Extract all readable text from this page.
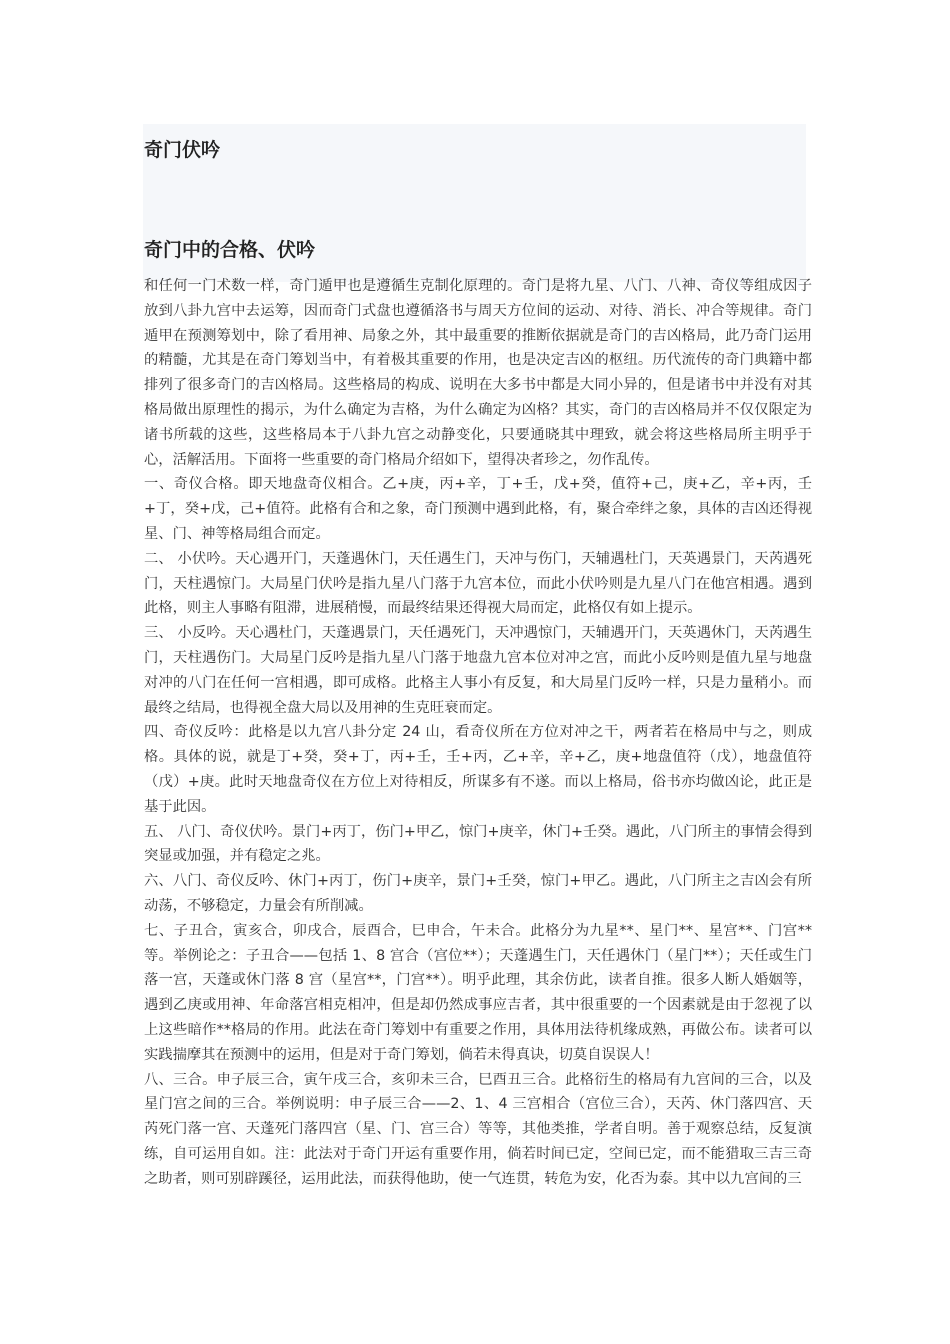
奇门伏吟
奇门中的合格、伏吟

和任何一门术数一样，奇门遁甲也是遵循生克制化原理的。奇门是将九星、八门、八神、奇仪等组成因子放到八卦九宫中去运筹，因而奇门式盘也遵循洛书与周天方位间的运动、对待、消长、冲合等规律。奇门遁甲在预测筹划中，除了看用神、局象之外，其中最重要的推断依据就是奇门的吉凶格局，此乃奇门运用的精髓，尤其是在奇门筹划当中，有着极其重要的作用，也是决定吉凶的枢纽。历代流传的奇门典籍中都排列了很多奇门的吉凶格局。这些格局的构成、说明在大多书中都是大同小异的，但是诸书中并没有对其格局做出原理性的揭示，为什么确定为吉格，为什么确定为凶格？其实，奇门的吉凶格局并不仅仅限定为诸书所载的这些，这些格局本于八卦九宫之动静变化，只要通晓其中理致，就会将这些格局所主明乎于心，活解活用。下面将一些重要的奇门格局介绍如下，望得决者珍之，勿作乱传。

一、奇仪合格。即天地盘奇仪相合。乙+庚，丙+辛，丁+壬，戊+癸，值符+己，庚+乙，辛+丙，壬+丁，癸+戊，己+值符。此格有合和之象，奇门预测中遇到此格，有，聚合牵绊之象，具体的吉凶还得视星、门、神等格局组合而定。

二、 小伏吟。天心遇开门，天蓬遇休门，天任遇生门，天冲与伤门，天辅遇杜门，天英遇景门，天芮遇死门，天柱遇惊门。大局星门伏吟是指九星八门落于九宫本位，而此小伏吟则是九星八门在他宫相遇。遇到此格，则主人事略有阻滞，进展稍慢，而最终结果还得视大局而定，此格仅有如上提示。

三、 小反吟。天心遇杜门，天蓬遇景门，天任遇死门，天冲遇惊门，天辅遇开门，天英遇休门，天芮遇生门，天柱遇伤门。大局星门反吟是指九星八门落于地盘九宫本位对冲之宫，而此小反吟则是值九星与地盘对冲的八门在任何一宫相遇，即可成格。此格主人事小有反复，和大局星门反吟一样，只是力量稍小。而最终之结局，也得视全盘大局以及用神的生克旺衰而定。

四、奇仪反吟：此格是以九宫八卦分定 24 山，看奇仪所在方位对冲之干，两者若在格局中与之，则成格。具体的说，就是丁+癸，癸+丁，丙+壬，壬+丙，乙+辛，辛+乙，庚+地盘值符（戊），地盘值符（戊）+庚。此时天地盘奇仪在方位上对待相反，所谋多有不遂。而以上格局，俗书亦均做凶论，此正是基于此因。

五、 八门、奇仪伏吟。景门+丙丁，伤门+甲乙，惊门+庚辛，休门+壬癸。遇此，八门所主的事情会得到突显或加强，并有稳定之兆。

六、八门、奇仪反吟、休门+丙丁，伤门+庚辛，景门+壬癸，惊门+甲乙。遇此，八门所主之吉凶会有所动荡，不够稳定，力量会有所削减。

七、子丑合，寅亥合，卯戌合，辰酉合，巳申合，午未合。此格分为九星**、星门**、星宫**、门宫**等。举例论之：子丑合——包括 1、8 宫合（宫位**）；天蓬遇生门，天任遇休门（星门**）；天任或生门落一宫，天蓬或休门落 8 宫（星宫**，门宫**）。明乎此理，其余仿此，读者自推。很多人断人婚姻等，遇到乙庚或用神、年命落宫相克相冲，但是却仍然成事应吉者，其中很重要的一个因素就是由于忽视了以上这些暗作**格局的作用。此法在奇门筹划中有重要之作用，具体用法待机缘成熟，再做公布。读者可以实践揣摩其在预测中的运用，但是对于奇门筹划，倘若未得真诀，切莫自误误人！

八、三合。申子辰三合，寅午戌三合，亥卯未三合，巳酉丑三合。此格衍生的格局有九宫间的三合，以及星门宫之间的三合。举例说明：申子辰三合——2、1、4 三宫相合（宫位三合），天芮、休门落四宫、天芮死门落一宫、天蓬死门落四宫（星、门、宫三合）等等，其他类推，学者自明。善于观察总结，反复演练，自可运用自如。注：此法对于奇门开运有重要作用，倘若时间已定，空间已定，而不能猎取三吉三奇之助者，则可别辟蹊径，运用此法，而获得他助，使一气连贯，转危为安，化否为泰。其中以九宫间的三
